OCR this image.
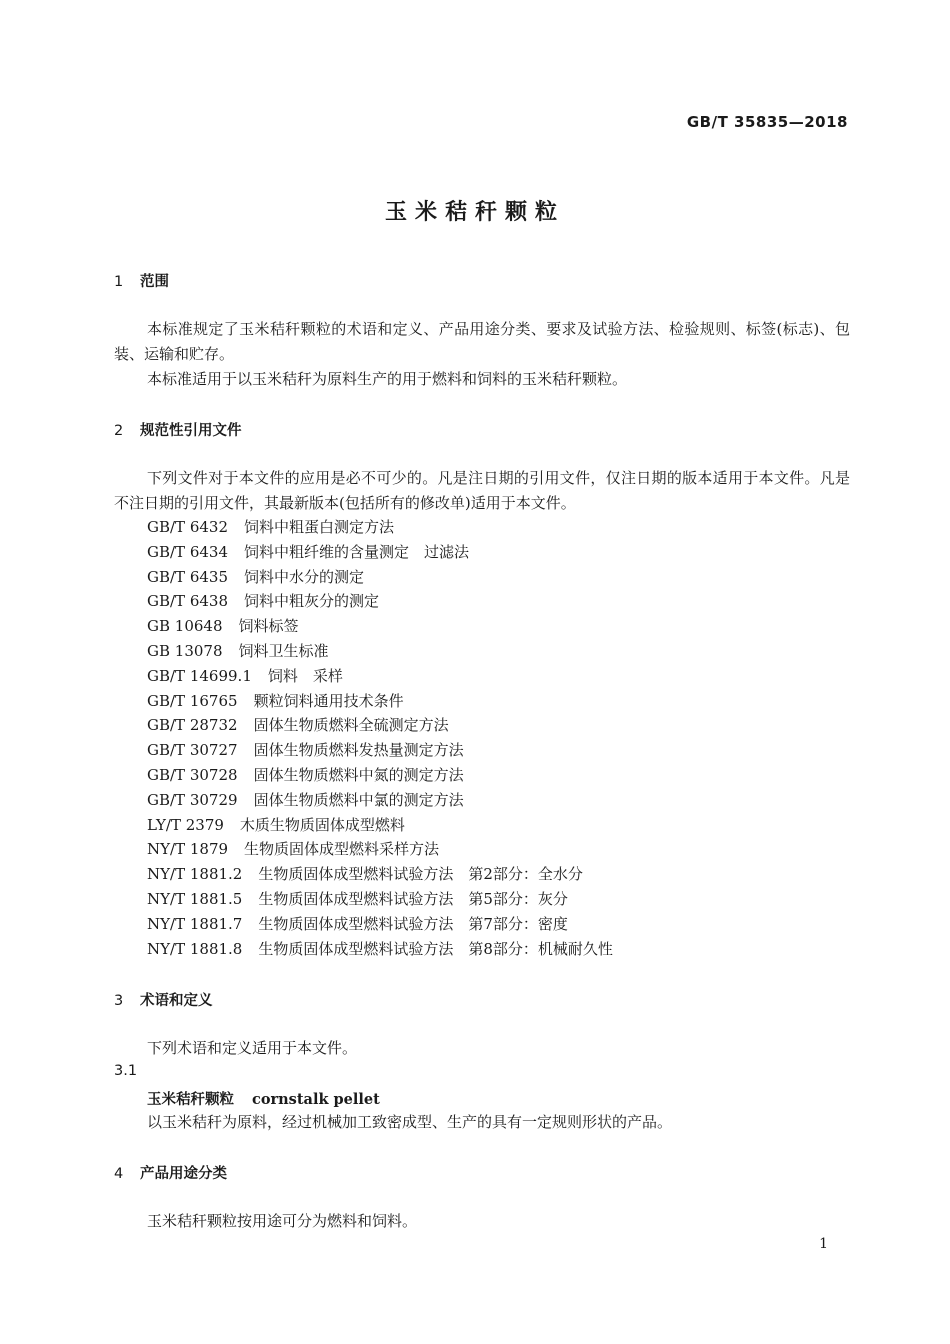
GB/T 35835—2018
玉米秸秆颗粒
1 范围

本标准规定了玉米秸秆颗粒的术语和定义、产品用途分类、要求及试验方法、检验规则、标签(标志)、包装、运输和贮存。

本标准适用于以玉米秸秆为原料生产的用于燃料和饲料的玉米秸秆颗粒。

2 规范性引用文件

下列文件对于本文件的应用是必不可少的。凡是注日期的引用文件，仅注日期的版本适用于本文件。凡是不注日期的引用文件，其最新版本(包括所有的修改单)适用于本文件。

GB/T 6432 饲料中粗蛋白测定方法
GB/T 6434 饲料中粗纤维的含量测定　过滤法
GB/T 6435 饲料中水分的测定
GB/T 6438 饲料中粗灰分的测定
GB 10648 饲料标签
GB 13078 饲料卫生标准
GB/T 14699.1 饲料　采样
GB/T 16765 颗粒饲料通用技术条件
GB/T 28732 固体生物质燃料全硫测定方法
GB/T 30727 固体生物质燃料发热量测定方法
GB/T 30728 固体生物质燃料中氮的测定方法
GB/T 30729 固体生物质燃料中氯的测定方法
LY/T 2379 木质生物质固体成型燃料
NY/T 1879 生物质固体成型燃料采样方法
NY/T 1881.2 生物质固体成型燃料试验方法　第2部分：全水分
NY/T 1881.5 生物质固体成型燃料试验方法　第5部分：灰分
NY/T 1881.7 生物质固体成型燃料试验方法　第7部分：密度
NY/T 1881.8 生物质固体成型燃料试验方法　第8部分：机械耐久性
3 术语和定义

下列术语和定义适用于本文件。

3.1
玉米秸秆颗粒 cornstalk pellet
以玉米秸秆为原料，经过机械加工致密成型、生产的具有一定规则形状的产品。
4 产品用途分类

玉米秸秆颗粒按用途可分为燃料和饲料。

1
